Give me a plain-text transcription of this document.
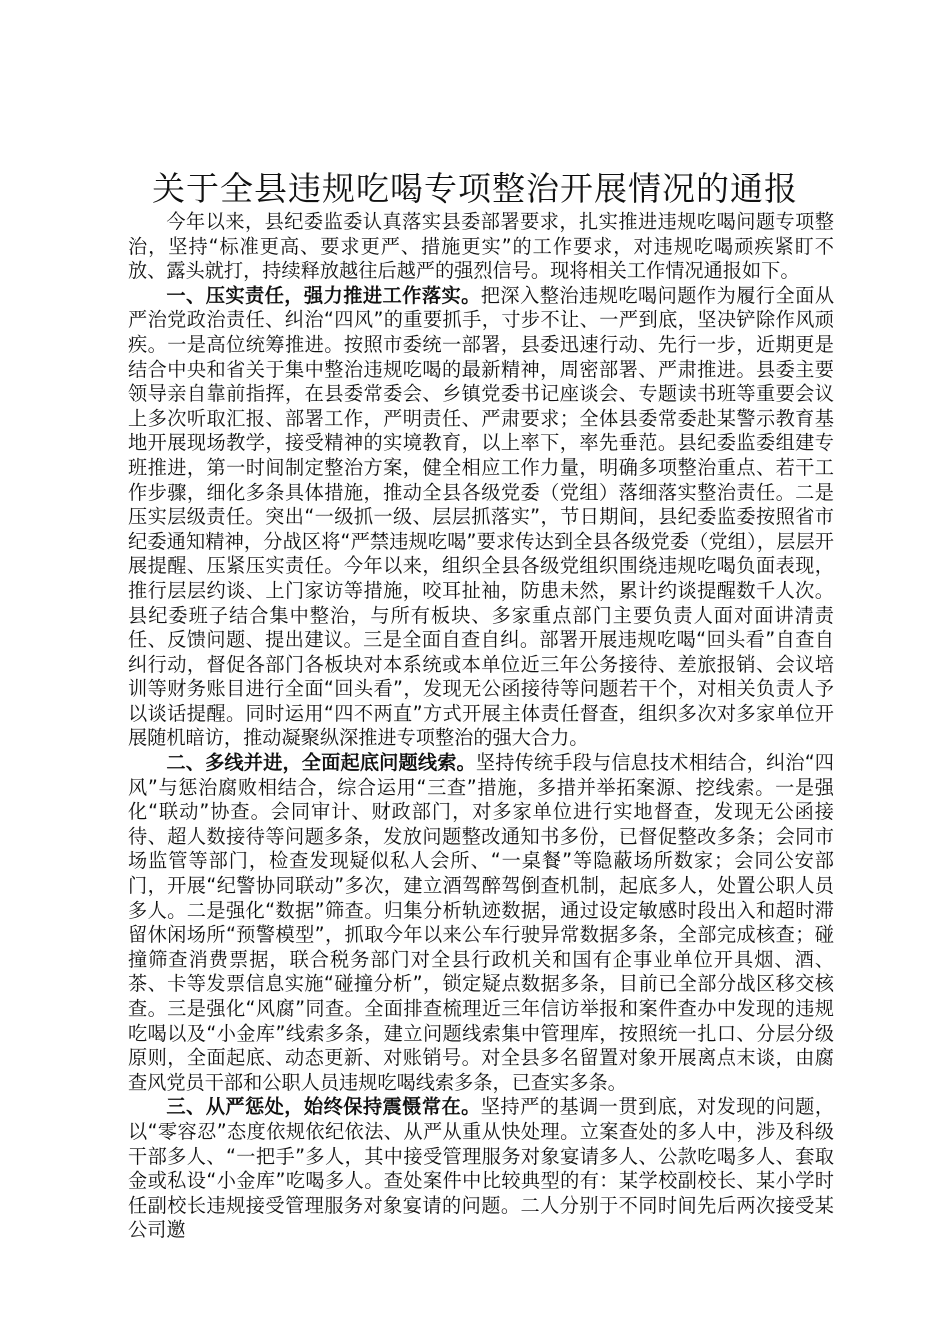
关于全县违规吃喝专项整治开展情况的通报

今年以来，县纪委监委认真落实县委部署要求，扎实推进违规吃喝问题专项整治，坚持“标准更高、要求更严、措施更实”的工作要求，对违规吃喝顽疾紧盯不放、露头就打，持续释放越往后越严的强烈信号。现将相关工作情况通报如下。

一、压实责任，强力推进工作落实。把深入整治违规吃喝问题作为履行全面从严治党政治责任、纠治“四风”的重要抓手，寸步不让、一严到底，坚决铲除作风顽疾。一是高位统筹推进。按照市委统一部署，县委迅速行动、先行一步，近期更是结合中央和省关于集中整治违规吃喝的最新精神，周密部署、严肃推进。县委主要领导亲自靠前指挥，在县委常委会、乡镇党委书记座谈会、专题读书班等重要会议上多次听取汇报、部署工作，严明责任、严肃要求；全体县委常委赴某警示教育基地开展现场教学，接受精神的实境教育，以上率下，率先垂范。县纪委监委组建专班推进，第一时间制定整治方案，健全相应工作力量，明确多项整治重点、若干工作步骤，细化多条具体措施，推动全县各级党委（党组）落细落实整治责任。二是压实层级责任。突出“一级抓一级、层层抓落实”，节日期间，县纪委监委按照省市纪委通知精神，分战区将“严禁违规吃喝”要求传达到全县各级党委（党组），层层开展提醒、压紧压实责任。今年以来，组织全县各级党组织围绕违规吃喝负面表现，推行层层约谈、上门家访等措施，咬耳扯袖，防患未然，累计约谈提醒数千人次。县纪委班子结合集中整治，与所有板块、多家重点部门主要负责人面对面讲清责任、反馈问题、提出建议。三是全面自查自纠。部署开展违规吃喝“回头看”自查自纠行动，督促各部门各板块对本系统或本单位近三年公务接待、差旅报销、会议培训等财务账目进行全面“回头看”，发现无公函接待等问题若干个，对相关负责人予以谈话提醒。同时运用“四不两直”方式开展主体责任督查，组织多次对多家单位开展随机暗访，推动凝聚纵深推进专项整治的强大合力。

二、多线并进，全面起底问题线索。坚持传统手段与信息技术相结合，纠治“四风”与惩治腐败相结合，综合运用“三查”措施，多措并举拓案源、挖线索。一是强化“联动”协查。会同审计、财政部门，对多家单位进行实地督查，发现无公函接待、超人数接待等问题多条，发放问题整改通知书多份，已督促整改多条；会同市场监管等部门，检查发现疑似私人会所、“一桌餐”等隐蔽场所数家；会同公安部门，开展“纪警协同联动”多次，建立酒驾醉驾倒查机制，起底多人，处置公职人员多人。二是强化“数据”筛查。归集分析轨迹数据，通过设定敏感时段出入和超时滞留休闲场所“预警模型”，抓取今年以来公车行驶异常数据多条，全部完成核查；碰撞筛查消费票据，联合税务部门对全县行政机关和国有企事业单位开具烟、酒、茶、卡等发票信息实施“碰撞分析”，锁定疑点数据多条，目前已全部分战区移交核查。三是强化“风腐”同查。全面排查梳理近三年信访举报和案件查办中发现的违规吃喝以及“小金库”线索多条，建立问题线索集中管理库，按照统一扎口、分层分级原则，全面起底、动态更新、对账销号。对全县多名留置对象开展离点末谈，由腐查风党员干部和公职人员违规吃喝线索多条，已查实多条。

三、从严惩处，始终保持震慑常在。坚持严的基调一贯到底，对发现的问题，以“零容忍”态度依规依纪依法、从严从重从快处理。立案查处的多人中，涉及科级干部多人、“一把手”多人，其中接受管理服务对象宴请多人、公款吃喝多人、套取金或私设“小金库”吃喝多人。查处案件中比较典型的有：某学校副校长、某小学时任副校长违规接受管理服务对象宴请的问题。二人分别于不同时间先后两次接受某公司邀
